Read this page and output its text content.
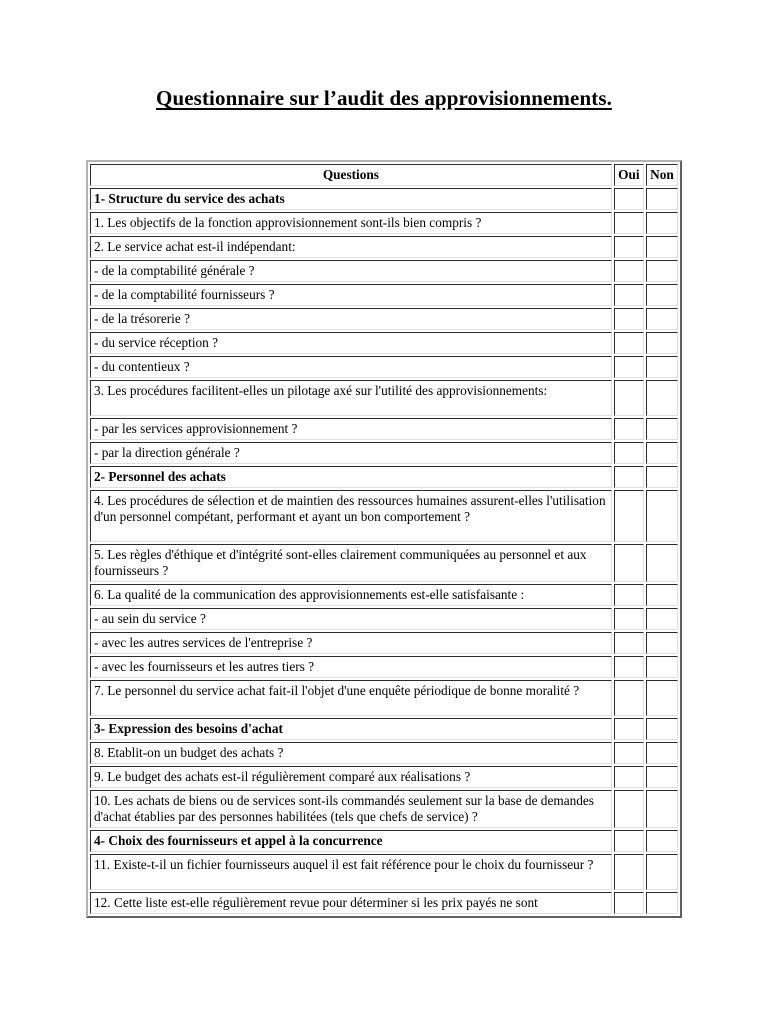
Questionnaire sur l’audit des approvisionnements.
Questions	Oui	Non
1- Structure du service des achats		
1. Les objectifs de la fonction approvisionnement sont-ils bien compris ?		
2. Le service achat est-il indépendant:		
- de la comptabilité générale ?		
- de la comptabilité fournisseurs ?		
- de la trésorerie ?		
- du service réception ?		
- du contentieux ?		
3. Les procédures facilitent-elles un pilotage axé sur l'utilité des approvisionnements:		
- par les services approvisionnement ?		
- par la direction générale ?		
2- Personnel des achats		
4. Les procédures de sélection et de maintien des ressources humaines assurent-elles l'utilisation d'un personnel compétant, performant et ayant un bon comportement ?		
5. Les règles d'éthique et d'intégrité sont-elles clairement communiquées au personnel et aux fournisseurs ?		
6. La qualité de la communication des approvisionnements est-elle satisfaisante :		
- au sein du service ?		
- avec les autres services de l'entreprise ?		
- avec les fournisseurs et les autres tiers ?		
7. Le personnel du service achat fait-il l'objet d'une enquête périodique de bonne moralité ?		
3- Expression des besoins d'achat		
8. Etablit-on un budget des achats ?		
9. Le budget des achats est-il régulièrement comparé aux réalisations ?		
10. Les achats de biens ou de services sont-ils commandés seulement sur la base de demandes d'achat établies par des personnes habilitées (tels que chefs de service) ?		
4- Choix des fournisseurs et appel à la concurrence		
11. Existe-t-il un fichier fournisseurs auquel il est fait référence pour le choix du fournisseur ?		
12. Cette liste est-elle régulièrement revue pour déterminer si les prix payés ne sont		
